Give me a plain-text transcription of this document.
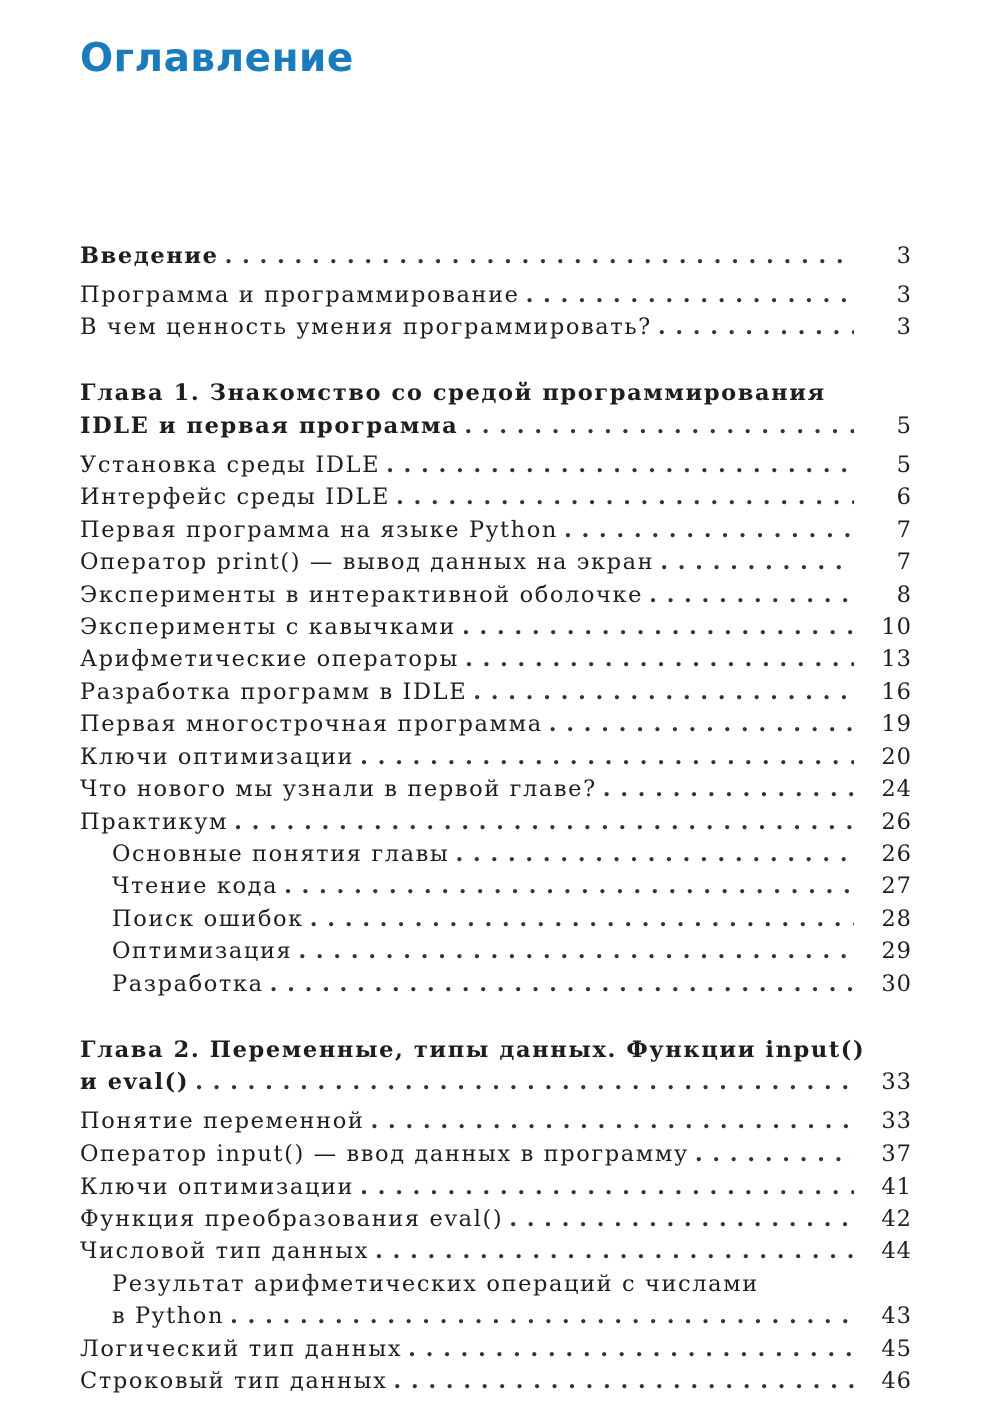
Оглавление
Введение . . .	3
Программа и программирование . . .	3
В чем ценность умения программировать? . . .	3
Глава 1. Знакомство со средой программирования
IDLE и первая программа . . .	5
Установка среды IDLE . . .	5
Интерфейс среды IDLE . . .	6
Первая программа на языке Python . . .	7
Оператор print() — вывод данных на экран . . .	7
Эксперименты в интерактивной оболочке . . .	8
Эксперименты с кавычками . . .	10
Арифметические операторы . . .	13
Разработка программ в IDLE . . .	16
Первая многострочная программа . . .	19
Ключи оптимизации . . .	20
Что нового мы узнали в первой главе? . . .	24
Практикум . . .	26
Основные понятия главы . . .	26
Чтение кода . . .	27
Поиск ошибок . . .	28
Оптимизация . . .	29
Разработка . . .	30
Глава 2. Переменные, типы данных. Функции input()
и eval() . . .	33
Понятие переменной . . .	33
Оператор input() — ввод данных в программу . . .	37
Ключи оптимизации . . .	41
Функция преобразования eval() . . .	42
Числовой тип данных . . .	44
Результат арифметических операций с числами
в Python . . .	43
Логический тип данных . . .	45
Строковый тип данных . . .	46
